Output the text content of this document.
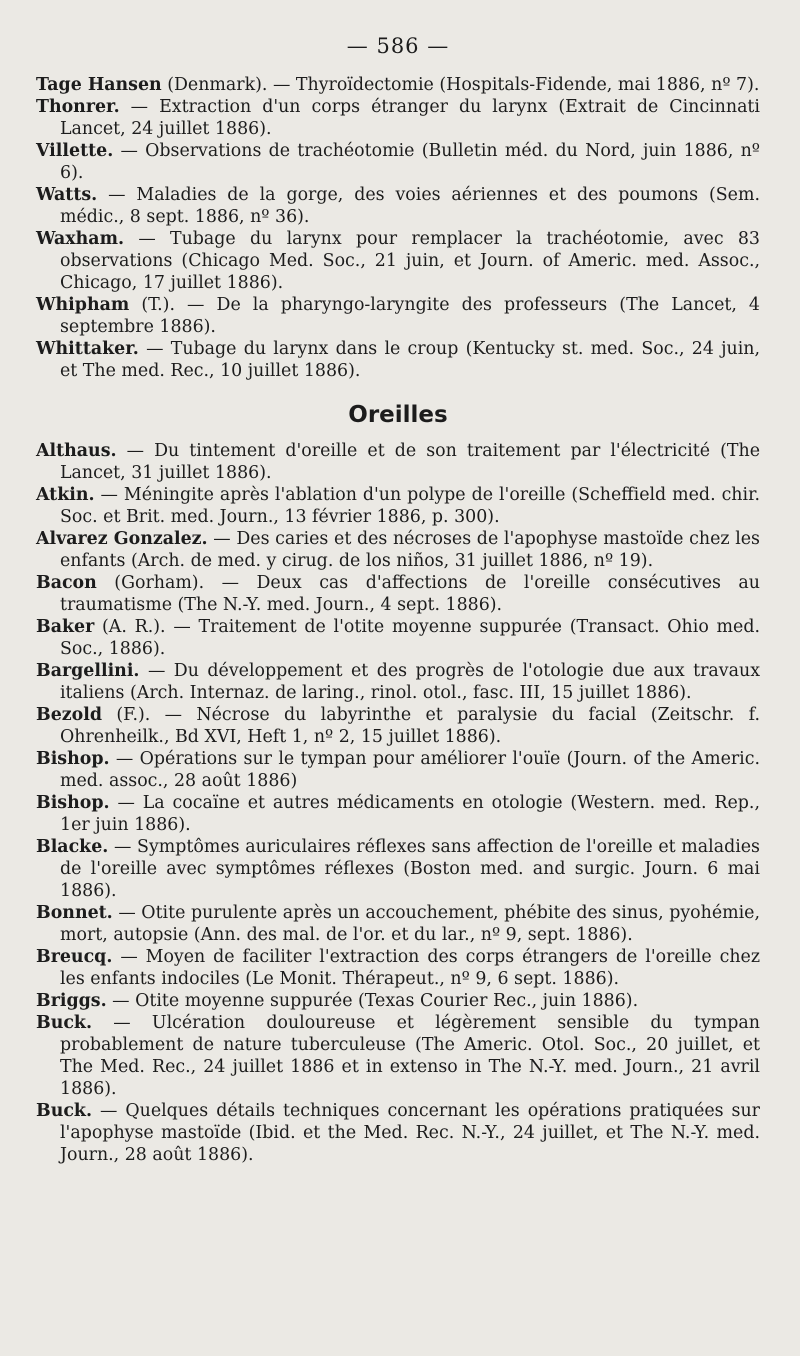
— 586 —

Tage Hansen (Denmark). — Thyroïdectomie (Hospitals-Fidende, mai 1886, nº 7).

Thonrer. — Extraction d'un corps étranger du larynx (Extrait de Cincinnati Lancet, 24 juillet 1886).

Villette. — Observations de trachéotomie (Bulletin méd. du Nord, juin 1886, nº 6).

Watts. — Maladies de la gorge, des voies aériennes et des poumons (Sem. médic., 8 sept. 1886, nº 36).

Waxham. — Tubage du larynx pour remplacer la trachéotomie, avec 83 observations (Chicago Med. Soc., 21 juin, et Journ. of Americ. med. Assoc., Chicago, 17 juillet 1886).

Whipham (T.). — De la pharyngo-laryngite des professeurs (The Lancet, 4 septembre 1886).

Whittaker. — Tubage du larynx dans le croup (Kentucky st. med. Soc., 24 juin, et The med. Rec., 10 juillet 1886).

Oreilles

Althaus. — Du tintement d'oreille et de son traitement par l'électricité (The Lancet, 31 juillet 1886).

Atkin. — Méningite après l'ablation d'un polype de l'oreille (Scheffield med. chir. Soc. et Brit. med. Journ., 13 février 1886, p. 300).

Alvarez Gonzalez. — Des caries et des nécroses de l'apophyse mastoïde chez les enfants (Arch. de med. y cirug. de los niños, 31 juillet 1886, nº 19).

Bacon (Gorham). — Deux cas d'affections de l'oreille consécutives au traumatisme (The N.-Y. med. Journ., 4 sept. 1886).

Baker (A. R.). — Traitement de l'otite moyenne suppurée (Transact. Ohio med. Soc., 1886).

Bargellini. — Du développement et des progrès de l'otologie due aux travaux italiens (Arch. Internaz. de laring., rinol. otol., fasc. III, 15 juillet 1886).

Bezold (F.). — Nécrose du labyrinthe et paralysie du facial (Zeitschr. f. Ohrenheilk., Bd XVI, Heft 1, nº 2, 15 juillet 1886).

Bishop. — Opérations sur le tympan pour améliorer l'ouïe (Journ. of the Americ. med. assoc., 28 août 1886)

Bishop. — La cocaïne et autres médicaments en otologie (Western. med. Rep., 1er juin 1886).

Blacke. — Symptômes auriculaires réflexes sans affection de l'oreille et maladies de l'oreille avec symptômes réflexes (Boston med. and surgic. Journ. 6 mai 1886).

Bonnet. — Otite purulente après un accouchement, phébite des sinus, pyohémie, mort, autopsie (Ann. des mal. de l'or. et du lar., nº 9, sept. 1886).

Breucq. — Moyen de faciliter l'extraction des corps étrangers de l'oreille chez les enfants indociles (Le Monit. Thérapeut., nº 9, 6 sept. 1886).

Briggs. — Otite moyenne suppurée (Texas Courier Rec., juin 1886).

Buck. — Ulcération douloureuse et légèrement sensible du tympan probablement de nature tuberculeuse (The Americ. Otol. Soc., 20 juillet, et The Med. Rec., 24 juillet 1886 et in extenso in The N.-Y. med. Journ., 21 avril 1886).

Buck. — Quelques détails techniques concernant les opérations pratiquées sur l'apophyse mastoïde (Ibid. et the Med. Rec. N.-Y., 24 juillet, et The N.-Y. med. Journ., 28 août 1886).
